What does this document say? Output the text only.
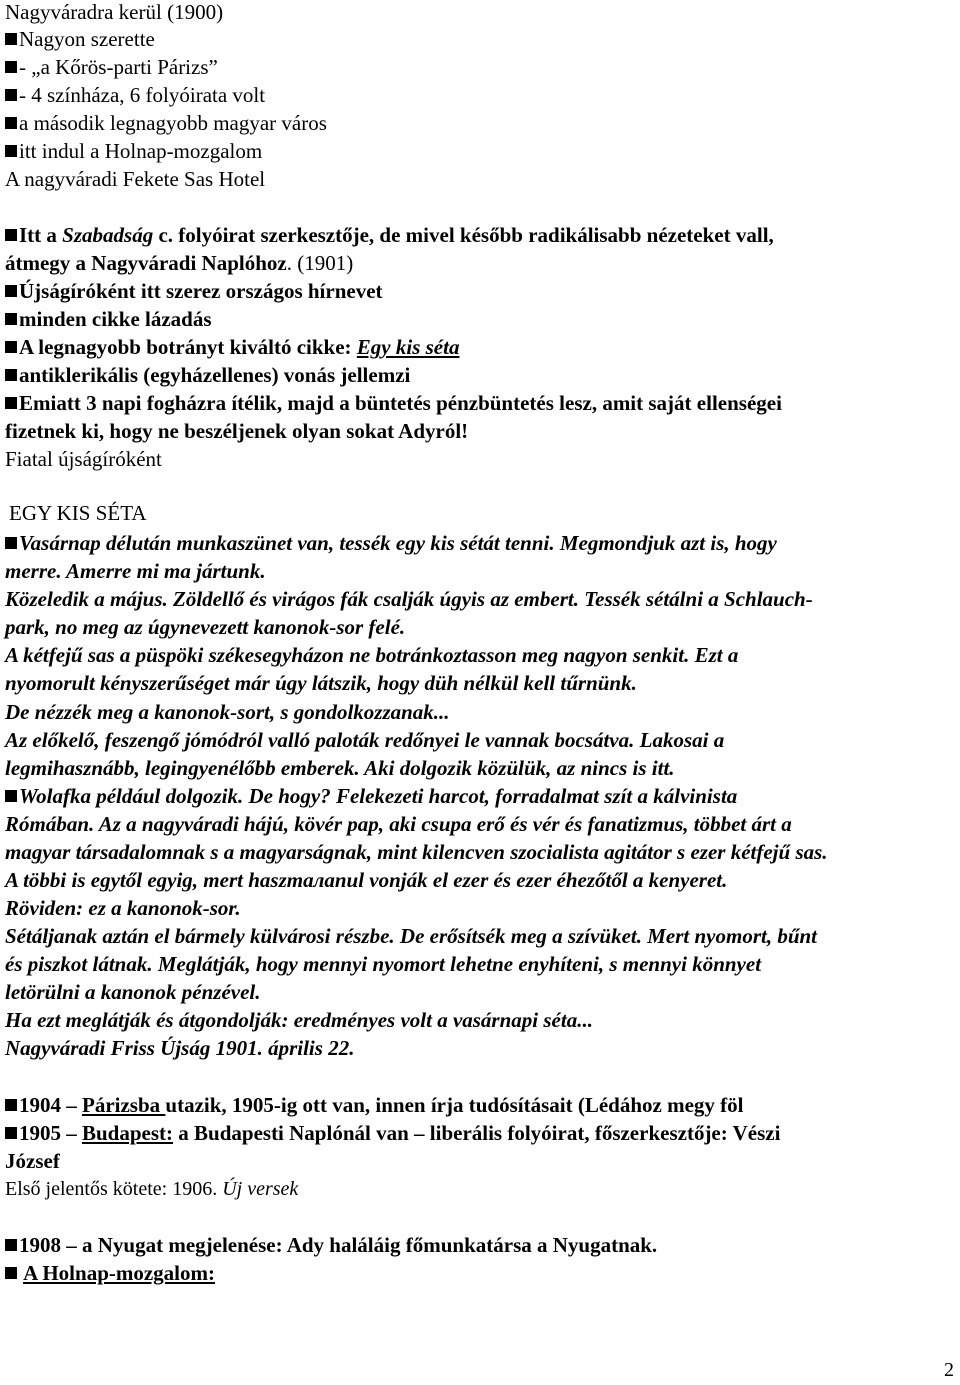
Nagyváradra kerül (1900)
Nagyon szerette
- „a Kőrös-parti Párizs”
- 4 színháza, 6 folyóirata volt
a második legnagyobb magyar város
itt indul a Holnap-mozgalom
A nagyváradi Fekete Sas Hotel
Itt a Szabadság c. folyóirat szerkesztője, de mivel később radikálisabb nézeteket vall,
átmegy a Nagyváradi Naplóhoz. (1901)
Újságíróként itt szerez országos hírnevet
minden cikke lázadás
A legnagyobb botrányt kiváltó cikke: Egy kis séta
antiklerikális (egyházellenes) vonás jellemzi
Emiatt 3 napi fogházra ítélik, majd a büntetés pénzbüntetés lesz, amit saját ellenségei
fizetnek ki, hogy ne beszéljenek olyan sokat Adyról!
Fiatal újságíróként
EGY KIS SÉTA
Vasárnap délután munkaszünet van, tessék egy kis sétát tenni. Megmondjuk azt is, hogy
merre. Amerre mi ma jártunk.
Közeledik a május. Zöldellő és virágos fák csalják úgyis az embert. Tessék sétálni a Schlauch-
park, no meg az úgynevezett kanonok-sor felé.
A kétfejű sas a püspöki székesegyházon ne botránkoztasson meg nagyon senkit. Ezt a
nyomorult kényszerűséget már úgy látszik, hogy düh nélkül kell tűrnünk.
De nézzék meg a kanonok-sort, s gondolkozzanak...
Az előkelő, feszengő jómódról valló paloták redőnyei le vannak bocsátva. Lakosai a
legmihasznább, legingyenélőbb emberek. Aki dolgozik közülük, az nincs is itt.
Wolafka például dolgozik. De hogy? Felekezeti harcot, forradalmat szít a kálvinista
Rómában. Az a nagyváradi hájú, kövér pap, aki csupa erő és vér és fanatizmus, többet árt a
magyar társadalomnak s a magyarságnak, mint kilencven szocialista agitátor s ezer kétfejű sas.
A többi is egytől egyig, mert haszталanul vonják el ezer és ezer éhezőtől a kenyeret.
Röviden: ez a kanonok-sor.
Sétáljanak aztán el bármely külvárosi részbe. De erősítsék meg a szívüket. Mert nyomort, bűnt
és piszkot látnak. Meglátják, hogy mennyi nyomort lehetne enyhíteni, s mennyi könnyet
letörülni a kanonok pénzével.
Ha ezt meglátják és átgondolják: eredményes volt a vasárnapi séta...
Nagyváradi Friss Újság 1901. április 22.
1904 – Párizsba utazik, 1905-ig ott van, innen írja tudósításait (Lédához megy föl
1905 – Budapest: a Budapesti Naplónál van – liberális folyóirat, főszerkesztője: Vészi
József
Első jelentős kötete: 1906. Új versek
1908 – a Nyugat megjelenése: Ady haláláig főmunkatársa a Nyugatnak.
A Holnap-mozgalom:
2
